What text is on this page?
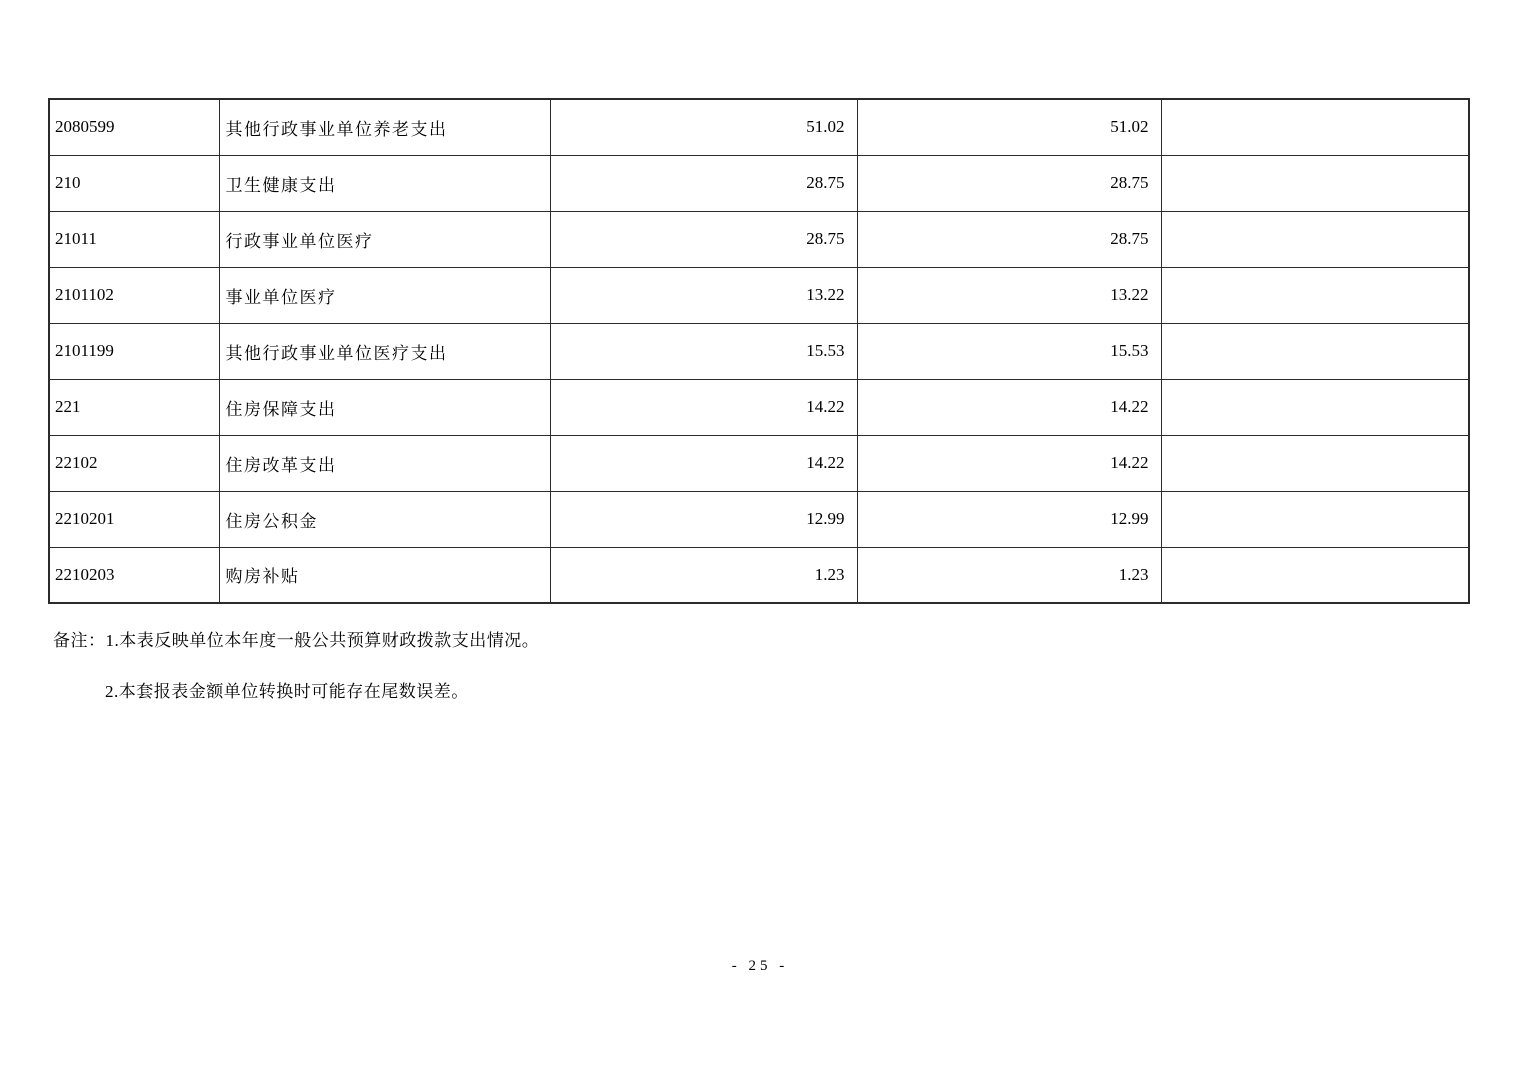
2080599	其他行政事业单位养老支出	51.02	51.02	
210	卫生健康支出	28.75	28.75	
21011	行政事业单位医疗	28.75	28.75	
2101102	事业单位医疗	13.22	13.22	
2101199	其他行政事业单位医疗支出	15.53	15.53	
221	住房保障支出	14.22	14.22	
22102	住房改革支出	14.22	14.22	
2210201	住房公积金	12.99	12.99	
2210203	购房补贴	1.23	1.23	
备注：1.本表反映单位本年度一般公共预算财政拨款支出情况。
2.本套报表金额单位转换时可能存在尾数误差。
- 25 -
